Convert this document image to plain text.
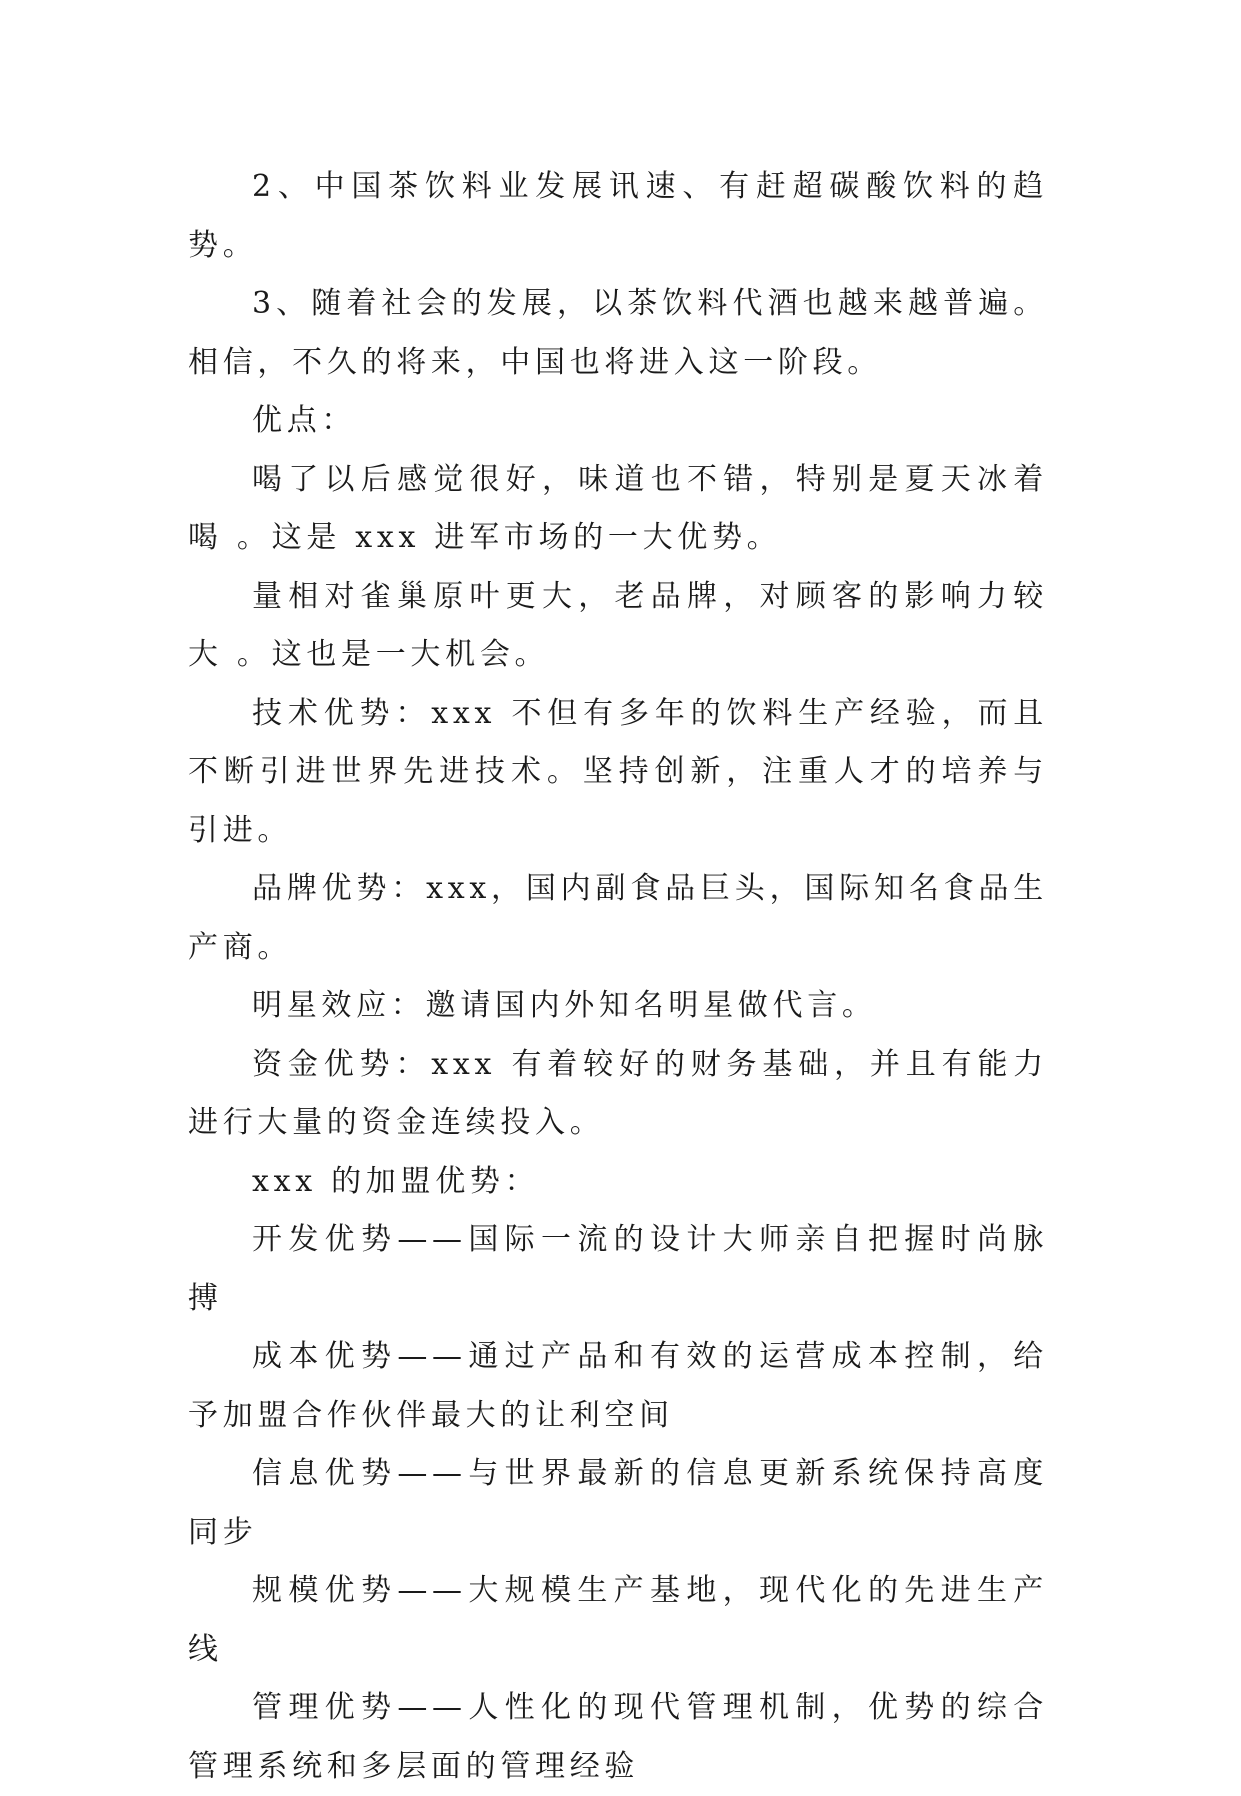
2、中国茶饮料业发展讯速、有赶超碳酸饮料的趋势。

3、随着社会的发展，以茶饮料代酒也越来越普遍。相信，不久的将来，中国也将进入这一阶段。

优点：

喝了以后感觉很好，味道也不错，特别是夏天冰着喝 。这是 xxx 进军市场的一大优势。

量相对雀巢原叶更大，老品牌，对顾客的影响力较大 。这也是一大机会。

技术优势：xxx 不但有多年的饮料生产经验，而且不断引进世界先进技术。坚持创新，注重人才的培养与引进。

品牌优势：xxx，国内副食品巨头，国际知名食品生产商。

明星效应：邀请国内外知名明星做代言。

资金优势：xxx 有着较好的财务基础，并且有能力进行大量的资金连续投入。

xxx 的加盟优势：

开发优势——国际一流的设计大师亲自把握时尚脉搏

成本优势——通过产品和有效的运营成本控制，给予加盟合作伙伴最大的让利空间

信息优势——与世界最新的信息更新系统保持高度同步

规模优势——大规模生产基地，现代化的先进生产线

管理优势——人性化的现代管理机制，优势的综合管理系统和多层面的管理经验
